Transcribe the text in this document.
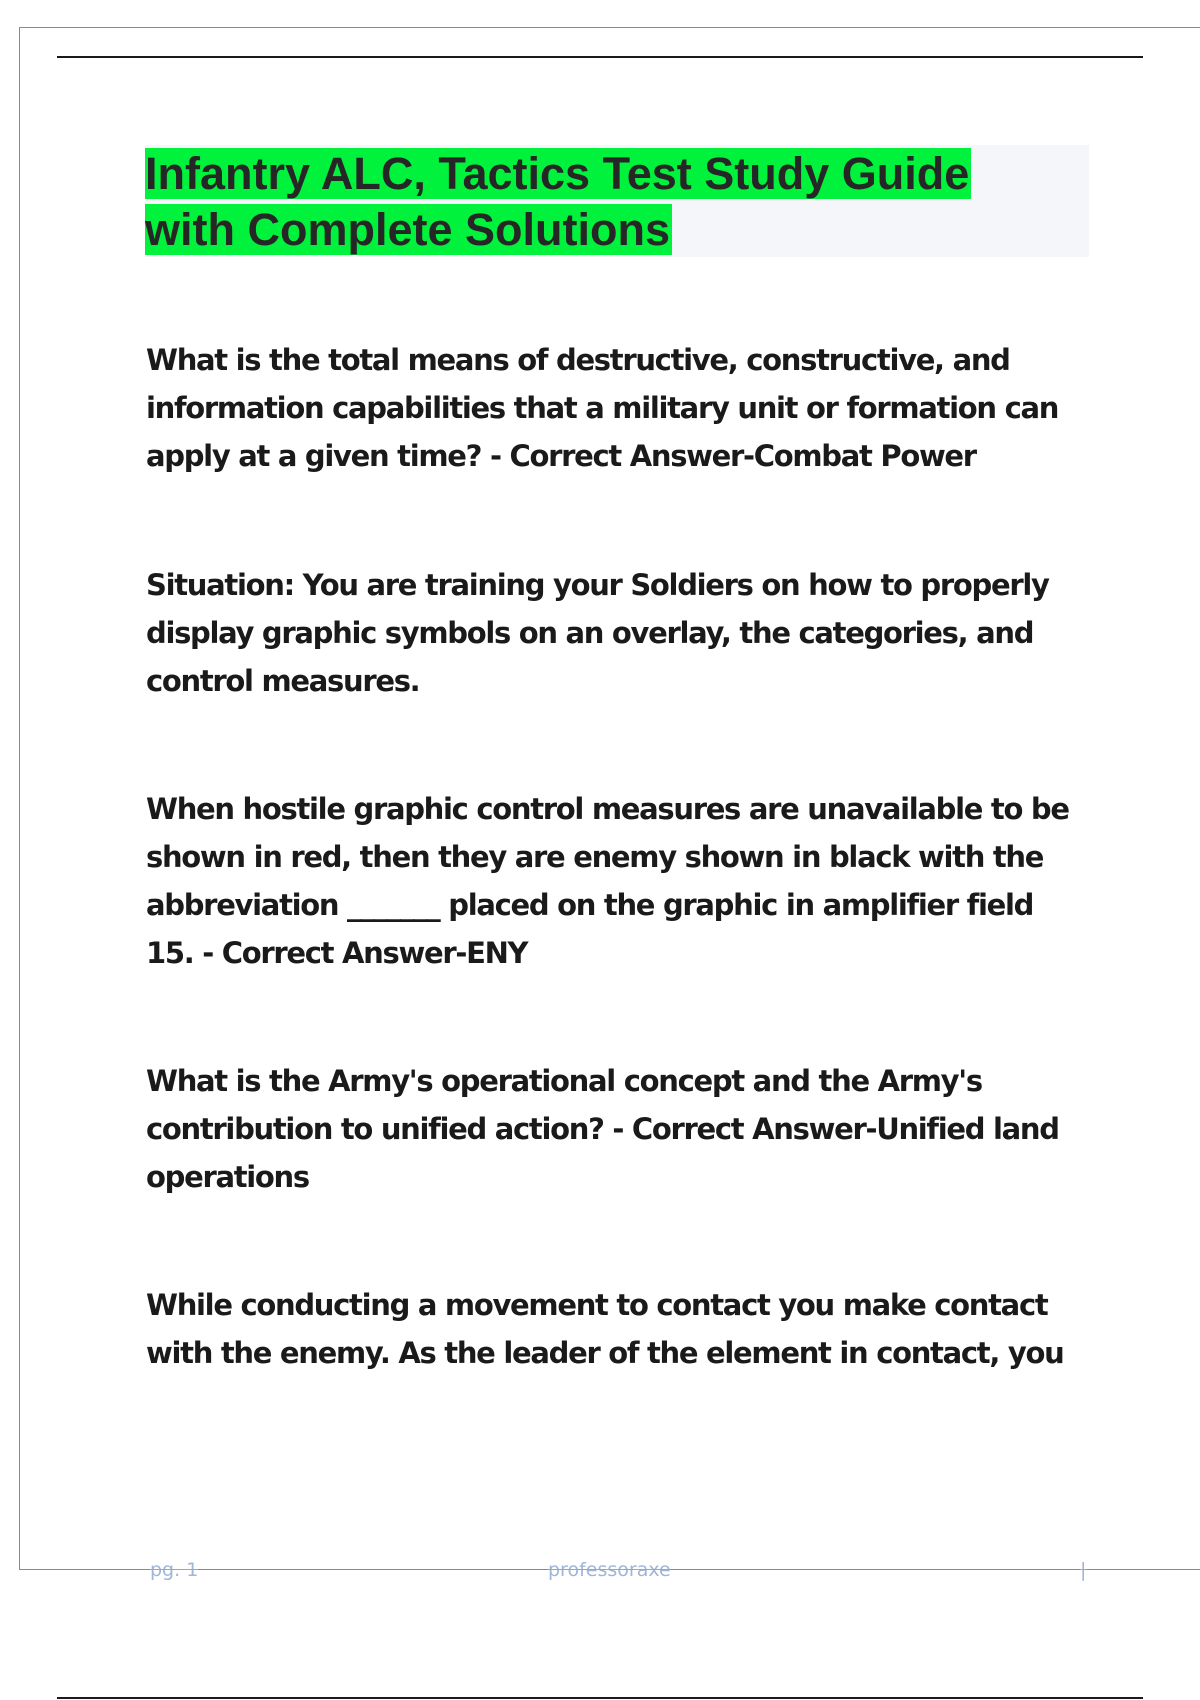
Infantry ALC, Tactics Test Study Guide
with Complete Solutions

What is the total means of destructive, constructive, and information capabilities that a military unit or formation can apply at a given time? - Correct Answer-Combat Power

Situation: You are training your Soldiers on how to properly display graphic symbols on an overlay, the categories, and control measures.

When hostile graphic control measures are unavailable to be shown in red, then they are enemy shown in black with the abbreviation _______ placed on the graphic in amplifier field 15. - Correct Answer-ENY

What is the Army's operational concept and the Army's contribution to unified action? - Correct Answer-Unified land operations

While conducting a movement to contact you make contact with the enemy. As the leader of the element in contact, you

pg. 1	professoraxe	|
